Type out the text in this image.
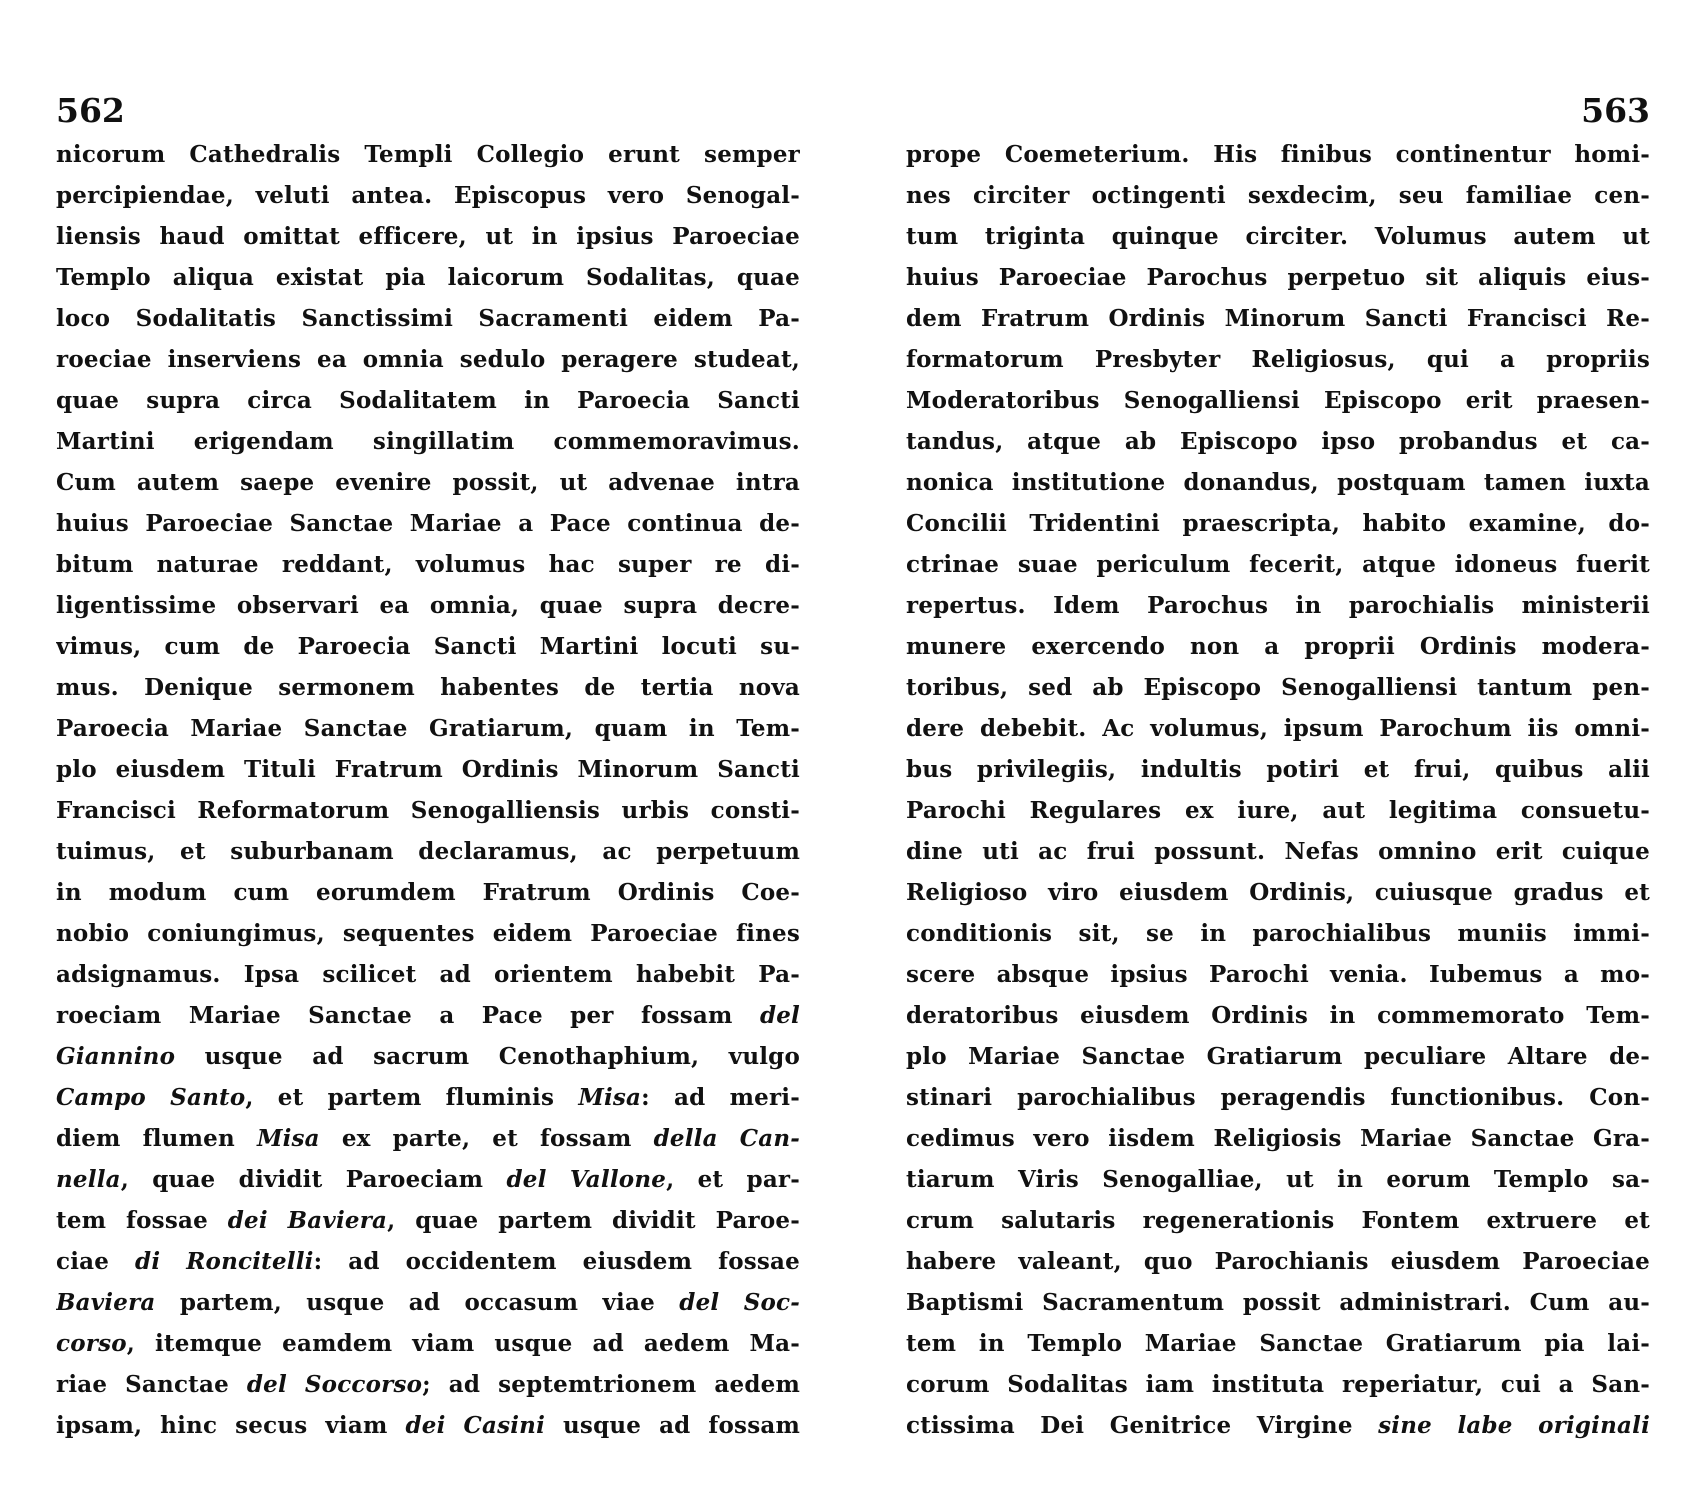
562
nicorum Cathedralis Templi Collegio erunt semper
percipiendae, veluti antea. Episcopus vero Senogal-
liensis haud omittat efficere, ut in ipsius Paroeciae
Templo aliqua existat pia laicorum Sodalitas, quae
loco Sodalitatis Sanctissimi Sacramenti eidem Pa-
roeciae inserviens ea omnia sedulo peragere studeat,
quae supra circa Sodalitatem in Paroecia Sancti
Martini erigendam singillatim commemoravimus.
Cum autem saepe evenire possit, ut advenae intra
huius Paroeciae Sanctae Mariae a Pace continua de-
bitum naturae reddant, volumus hac super re di-
ligentissime observari ea omnia, quae supra decre-
vimus, cum de Paroecia Sancti Martini locuti su-
mus. Denique sermonem habentes de tertia nova
Paroecia Mariae Sanctae Gratiarum, quam in Tem-
plo eiusdem Tituli Fratrum Ordinis Minorum Sancti
Francisci Reformatorum Senogalliensis urbis consti-
tuimus, et suburbanam declaramus, ac perpetuum
in modum cum eorumdem Fratrum Ordinis Coe-
nobio coniungimus, sequentes eidem Paroeciae fines
adsignamus. Ipsa scilicet ad orientem habebit Pa-
roeciam Mariae Sanctae a Pace per fossam del
Giannino usque ad sacrum Cenothaphium, vulgo
Campo Santo, et partem fluminis Misa: ad meri-
diem flumen Misa ex parte, et fossam della Can-
nella, quae dividit Paroeciam del Vallone, et par-
tem fossae dei Baviera, quae partem dividit Paroe-
ciae di Roncitelli: ad occidentem eiusdem fossae
Baviera partem, usque ad occasum viae del Soc-
corso, itemque eamdem viam usque ad aedem Ma-
riae Sanctae del Soccorso; ad septemtrionem aedem
ipsam, hinc secus viam dei Casini usque ad fossam
563
prope Coemeterium. His finibus continentur homi-
nes circiter octingenti sexdecim, seu familiae cen-
tum triginta quinque circiter. Volumus autem ut
huius Paroeciae Parochus perpetuo sit aliquis eius-
dem Fratrum Ordinis Minorum Sancti Francisci Re-
formatorum Presbyter Religiosus, qui a propriis
Moderatoribus Senogalliensi Episcopo erit praesen-
tandus, atque ab Episcopo ipso probandus et ca-
nonica institutione donandus, postquam tamen iuxta
Concilii Tridentini praescripta, habito examine, do-
ctrinae suae periculum fecerit, atque idoneus fuerit
repertus. Idem Parochus in parochialis ministerii
munere exercendo non a proprii Ordinis modera-
toribus, sed ab Episcopo Senogalliensi tantum pen-
dere debebit. Ac volumus, ipsum Parochum iis omni-
bus privilegiis, indultis potiri et frui, quibus alii
Parochi Regulares ex iure, aut legitima consuetu-
dine uti ac frui possunt. Nefas omnino erit cuique
Religioso viro eiusdem Ordinis, cuiusque gradus et
conditionis sit, se in parochialibus muniis immi-
scere absque ipsius Parochi venia. Iubemus a mo-
deratoribus eiusdem Ordinis in commemorato Tem-
plo Mariae Sanctae Gratiarum peculiare Altare de-
stinari parochialibus peragendis functionibus. Con-
cedimus vero iisdem Religiosis Mariae Sanctae Gra-
tiarum Viris Senogalliae, ut in eorum Templo sa-
crum salutaris regenerationis Fontem extruere et
habere valeant, quo Parochianis eiusdem Paroeciae
Baptismi Sacramentum possit administrari. Cum au-
tem in Templo Mariae Sanctae Gratiarum pia lai-
corum Sodalitas iam instituta reperiatur, cui a San-
ctissima Dei Genitrice Virgine sine labe originali
